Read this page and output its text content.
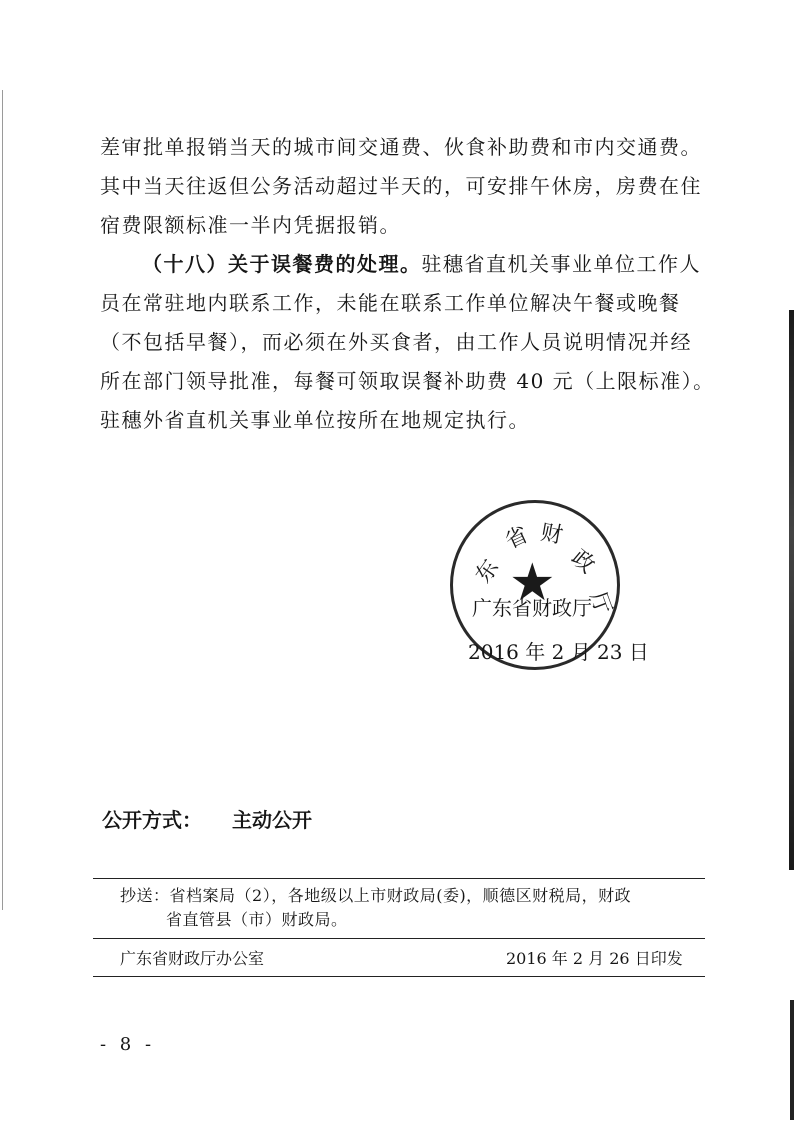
差审批单报销当天的城市间交通费、伙食补助费和市内交通费。
其中当天往返但公务活动超过半天的，可安排午休房，房费在住
宿费限额标准一半内凭据报销。
（十八）关于误餐费的处理。驻穗省直机关事业单位工作人
员在常驻地内联系工作，未能在联系工作单位解决午餐或晚餐
（不包括早餐），而必须在外买食者，由工作人员说明情况并经
所在部门领导批准，每餐可领取误餐补助费 40 元（上限标准）。
驻穗外省直机关事业单位按所在地规定执行。
东
省 财
政
厅
★
广东省财政厅
2016 年 2 月 23 日
公开方式： 主动公开
抄送：省档案局（2），各地级以上市财政局(委)，顺德区财税局，财政
省直管县（市）财政局。
广东省财政厅办公室	2016 年 2 月 26 日印发
- 8 -
